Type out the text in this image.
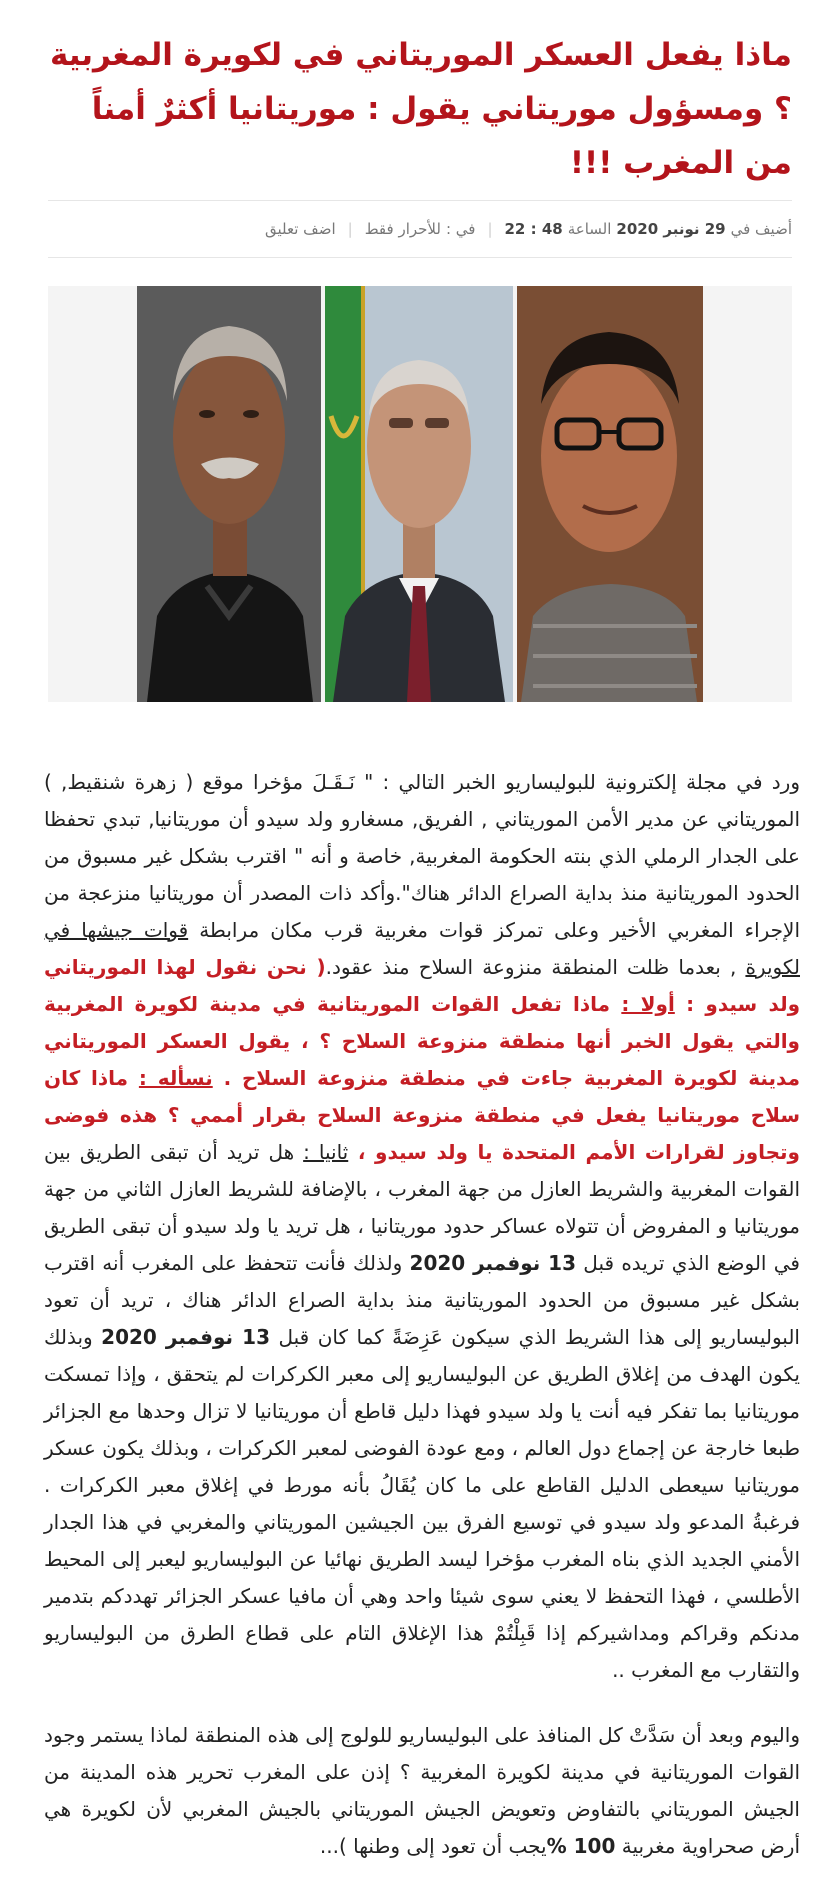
ماذا يفعل العسكر الموريتاني في لكويرة المغربية ؟ ومسؤول موريتاني يقول : موريتانيا أكثرٌ أمناً من المغرب !!!
أضيف في
29 نونبر 2020
الساعة
48 : 22
|
في :
للأحرار فقط
|
اضف تعليق

ورد في مجلة إلكترونية للبوليساريو الخبر التالي : " نَـقَـلَ مؤخرا موقع ( زهرة شنقيط, ) الموريتاني عن مدير الأمن الموريتاني , الفريق, مسغارو ولد سيدو أن موريتانيا, تبدي تحفظا على الجدار الرملي الذي بنته الحكومة المغربية, خاصة و أنه " اقترب بشكل غير مسبوق من الحدود الموريتانية منذ بداية الصراع الدائر هناك".وأكد ذات المصدر أن موريتانيا منزعجة من الإجراء المغربي الأخير وعلى تمركز قوات مغربية قرب مكان مرابطة قوات جيشها في لكويرة , بعدما ظلت المنطقة منزوعة السلاح منذ عقود.( نحن نقول لهذا الموريتاني ولد سيدو : أولا : ماذا تفعل القوات الموريتانية في مدينة لكويرة المغربية والتي يقول الخبر أنها منطقة منزوعة السلاح ؟ ، يقول العسكر الموريتاني مدينة لكويرة المغربية جاءت في منطقة منزوعة السلاح . نسأله : ماذا كان سلاح موريتانيا يفعل في منطقة منزوعة السلاح بقرار أممي ؟ هذه فوضى وتجاوز لقرارات الأمم المتحدة يا ولد سيدو ، ثانيا : هل تريد أن تبقى الطريق بين القوات المغربية والشريط العازل من جهة المغرب ، بالإضافة للشريط العازل الثاني من جهة موريتانيا و المفروض أن تتولاه عساكر حدود موريتانيا ، هل تريد يا ولد سيدو أن تبقى الطريق في الوضع الذي تريده قبل 13 نوفمبر 2020 ولذلك فأنت تتحفظ على المغرب أنه اقترب بشكل غير مسبوق من الحدود الموريتانية منذ بداية الصراع الدائر هناك ، تريد أن تعود البوليساريو إلى هذا الشريط الذي سيكون عَزِضَةً كما كان قبل 13 نوفمبر 2020 وبذلك يكون الهدف من إغلاق الطريق عن البوليساريو إلى معبر الكركرات لم يتحقق ، وإذا تمسكت موريتانيا بما تفكر فيه أنت يا ولد سيدو فهذا دليل قاطع أن موريتانيا لا تزال وحدها مع الجزائر طبعا خارجة عن إجماع دول العالم ، ومع عودة الفوضى لمعبر الكركرات ، وبذلك يكون عسكر موريتانيا سيعطى الدليل القاطع على ما كان يُقَالُ بأنه مورط في إغلاق معبر الكركرات . فرغبةُ المدعو ولد سيدو في توسيع الفرق بين الجيشين الموريتاني والمغربي في هذا الجدار الأمني الجديد الذي بناه المغرب مؤخرا ليسد الطريق نهائيا عن البوليساريو ليعبر إلى المحيط الأطلسي ، فهذا التحفظ لا يعني سوى شيئا واحد وهي أن مافيا عسكر الجزائر تهددكم بتدمير مدنكم وقراكم ومداشيركم إذا قَبِلْتُمْ هذا الإغلاق التام على قطاع الطرق من البوليساريو والتقارب مع المغرب ..

واليوم وبعد أن سَدَّتْ كل المنافذ على البوليساريو للولوج إلى هذه المنطقة لماذا يستمر وجود القوات الموريتانية في مدينة لكويرة المغربية ؟ إذن على المغرب تحرير هذه المدينة من الجيش الموريتاني بالتفاوض وتعويض الجيش الموريتاني بالجيش المغربي لأن لكويرة هي أرض صحراوية مغربية 100 %يجب أن تعود إلى وطنها )...
